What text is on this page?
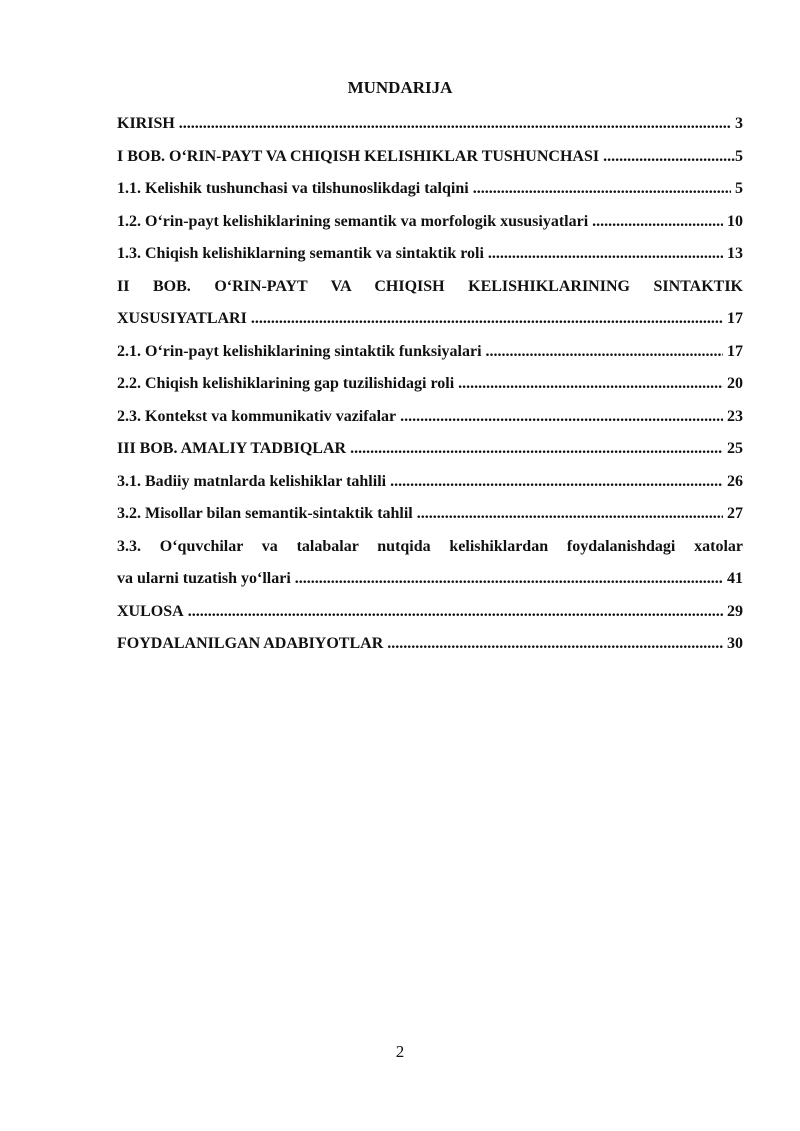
MUNDARIJA
KIRISH .....	3
I BOB. O‘RIN-PAYT VA CHIQISH KELISHIKLAR TUSHUNCHASI .....	5
1.1. Kelishik tushunchasi va tilshunoslikdagi talqini .....	5
1.2. O‘rin-payt kelishiklarining semantik va morfologik xususiyatlari .....	10
1.3. Chiqish kelishiklarning semantik va sintaktik roli .....	13
II BOB. O‘RIN-PAYT VA CHIQISH KELISHIKLARINING SINTAKTIK
XUSUSIYATLARI .....	17
2.1. O‘rin-payt kelishiklarining sintaktik funksiyalari .....	17
2.2. Chiqish kelishiklarining gap tuzilishidagi roli .....	20
2.3. Kontekst va kommunikativ vazifalar .....	23
III BOB. AMALIY TADBIQLAR .....	25
3.1. Badiiy matnlarda kelishiklar tahlili .....	26
3.2. Misollar bilan semantik-sintaktik tahlil .....	27
3.3. O‘quvchilar va talabalar nutqida kelishiklardan foydalanishdagi xatolar
va ularni tuzatish yo‘llari .....	41
XULOSA .....	29
FOYDALANILGAN ADABIYOTLAR .....	30
2
